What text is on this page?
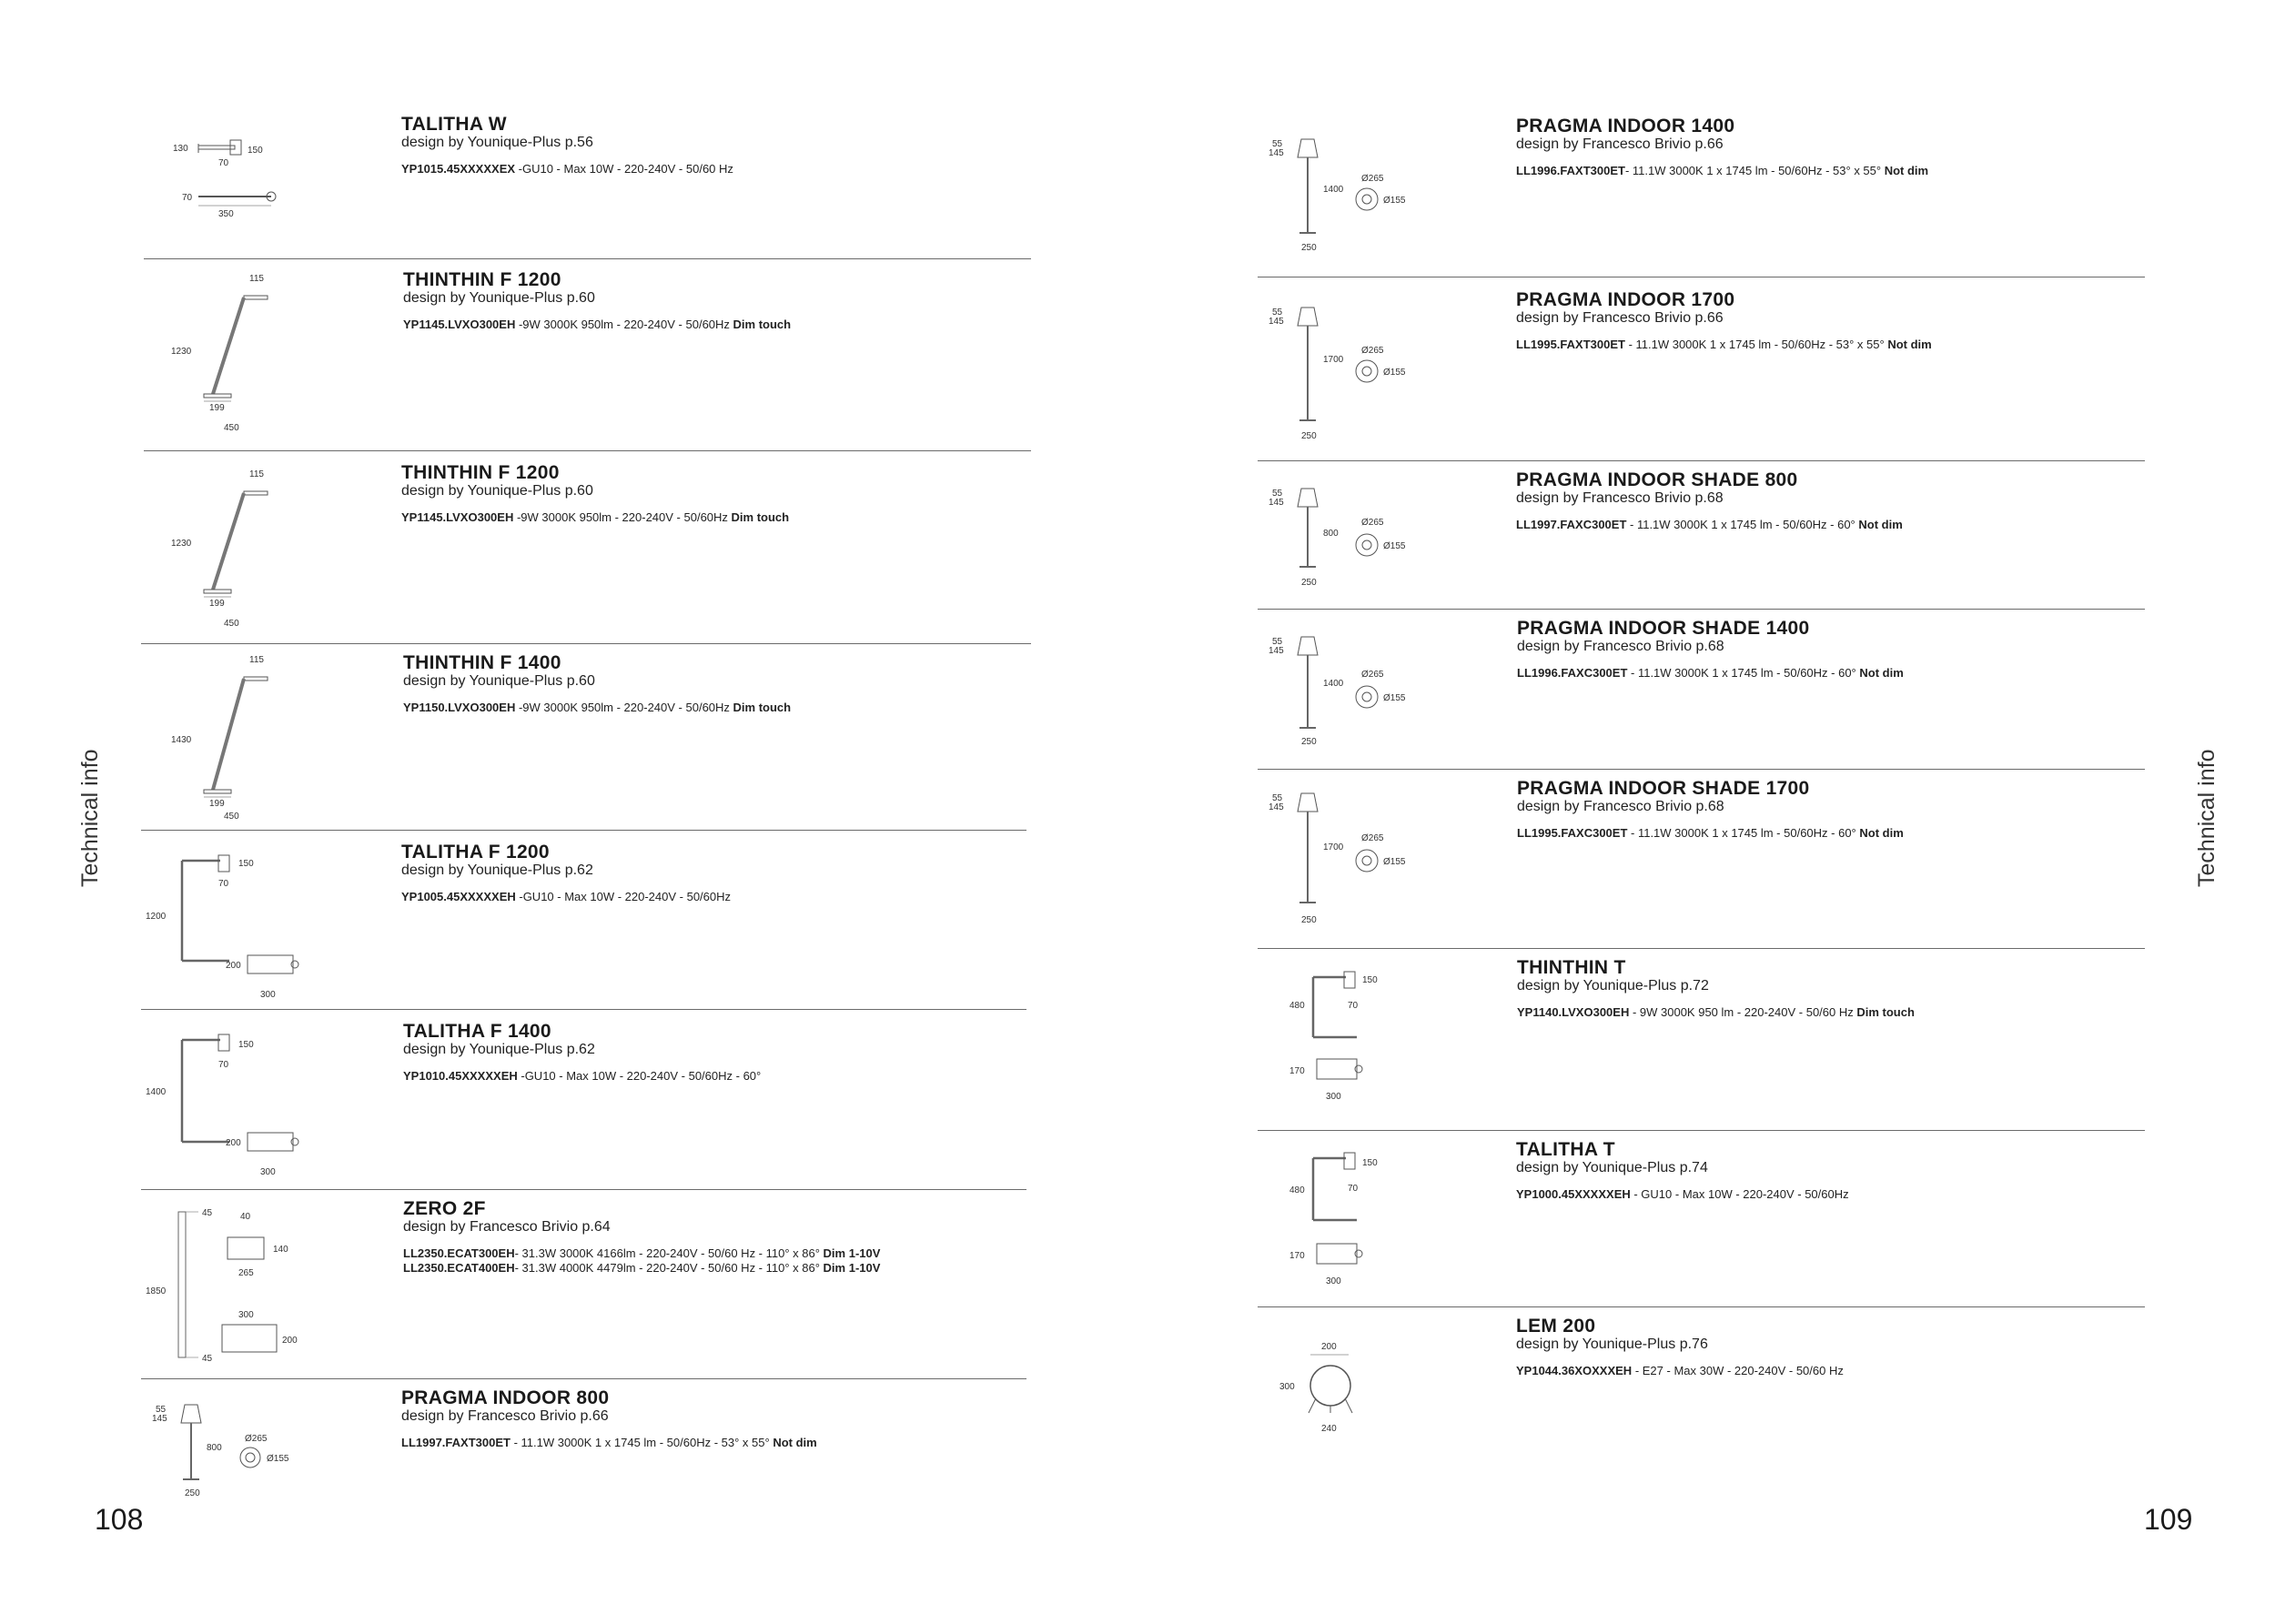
Technical info
108
130	150
70
70
350
TALITHA W
design by Younique-Plus p.56
YP1015.45XXXXXEX -GU10 - Max 10W - 220-240V - 50/60 Hz
115
1230
199
450
THINTHIN F 1200
design by Younique-Plus p.60
YP1145.LVXO300EH -9W 3000K 950lm - 220-240V - 50/60Hz Dim touch
115
1230
199
450
THINTHIN F 1200
design by Younique-Plus p.60
YP1145.LVXO300EH -9W 3000K 950lm - 220-240V - 50/60Hz Dim touch
115
1430
199
450
THINTHIN F 1400
design by Younique-Plus p.60
YP1150.LVXO300EH -9W 3000K 950lm - 220-240V - 50/60Hz Dim touch
150
70
1200
200
300
TALITHA F 1200
design by Younique-Plus p.62
YP1005.45XXXXXEH -GU10 - Max 10W - 220-240V - 50/60Hz
150
70
1400
200
300
TALITHA F 1400
design by Younique-Plus p.62
YP1010.45XXXXXEH -GU10 - Max 10W - 220-240V - 50/60Hz - 60°
45	40
140
265
1850
300
200
45
ZERO 2F
design by Francesco Brivio p.64
LL2350.ECAT300EH- 31.3W 3000K 4166lm - 220-240V - 50/60 Hz - 110° x 86° Dim 1-10V
LL2350.ECAT400EH- 31.3W 4000K 4479lm - 220-240V - 50/60 Hz - 110° x 86° Dim 1-10V
55
145
800
Ø265
Ø155
250
PRAGMA INDOOR 800
design by Francesco Brivio p.66
LL1997.FAXT300ET - 11.1W 3000K 1 x 1745 lm - 50/60Hz - 53° x 55° Not dim
Technical info
109
55
145
1400
Ø265
Ø155
250
PRAGMA INDOOR 1400
design by Francesco Brivio p.66
LL1996.FAXT300ET- 11.1W 3000K 1 x 1745 lm - 50/60Hz - 53° x 55° Not dim
55
145
1700
Ø265
Ø155
250
PRAGMA INDOOR 1700
design by Francesco Brivio p.66
LL1995.FAXT300ET - 11.1W 3000K 1 x 1745 lm - 50/60Hz - 53° x 55° Not dim
55
145
800
Ø265
Ø155
250
PRAGMA INDOOR SHADE 800
design by Francesco Brivio p.68
LL1997.FAXC300ET - 11.1W 3000K 1 x 1745 lm - 50/60Hz - 60° Not dim
55
145
1400
Ø265
Ø155
250
PRAGMA INDOOR SHADE 1400
design by Francesco Brivio p.68
LL1996.FAXC300ET - 11.1W 3000K 1 x 1745 lm - 50/60Hz - 60° Not dim
55
145
1700
Ø265
Ø155
250
PRAGMA INDOOR SHADE 1700
design by Francesco Brivio p.68
LL1995.FAXC300ET - 11.1W 3000K 1 x 1745 lm - 50/60Hz - 60° Not dim
150
480	70
170
300
THINTHIN T
design by Younique-Plus p.72
YP1140.LVXO300EH - 9W 3000K 950 lm - 220-240V - 50/60 Hz Dim touch
150
480	70
170
300
TALITHA T
design by Younique-Plus p.74
YP1000.45XXXXXEH - GU10 - Max 10W - 220-240V - 50/60Hz
200
300
240
LEM 200
design by Younique-Plus p.76
YP1044.36XOXXXEH - E27 - Max 30W - 220-240V - 50/60 Hz
